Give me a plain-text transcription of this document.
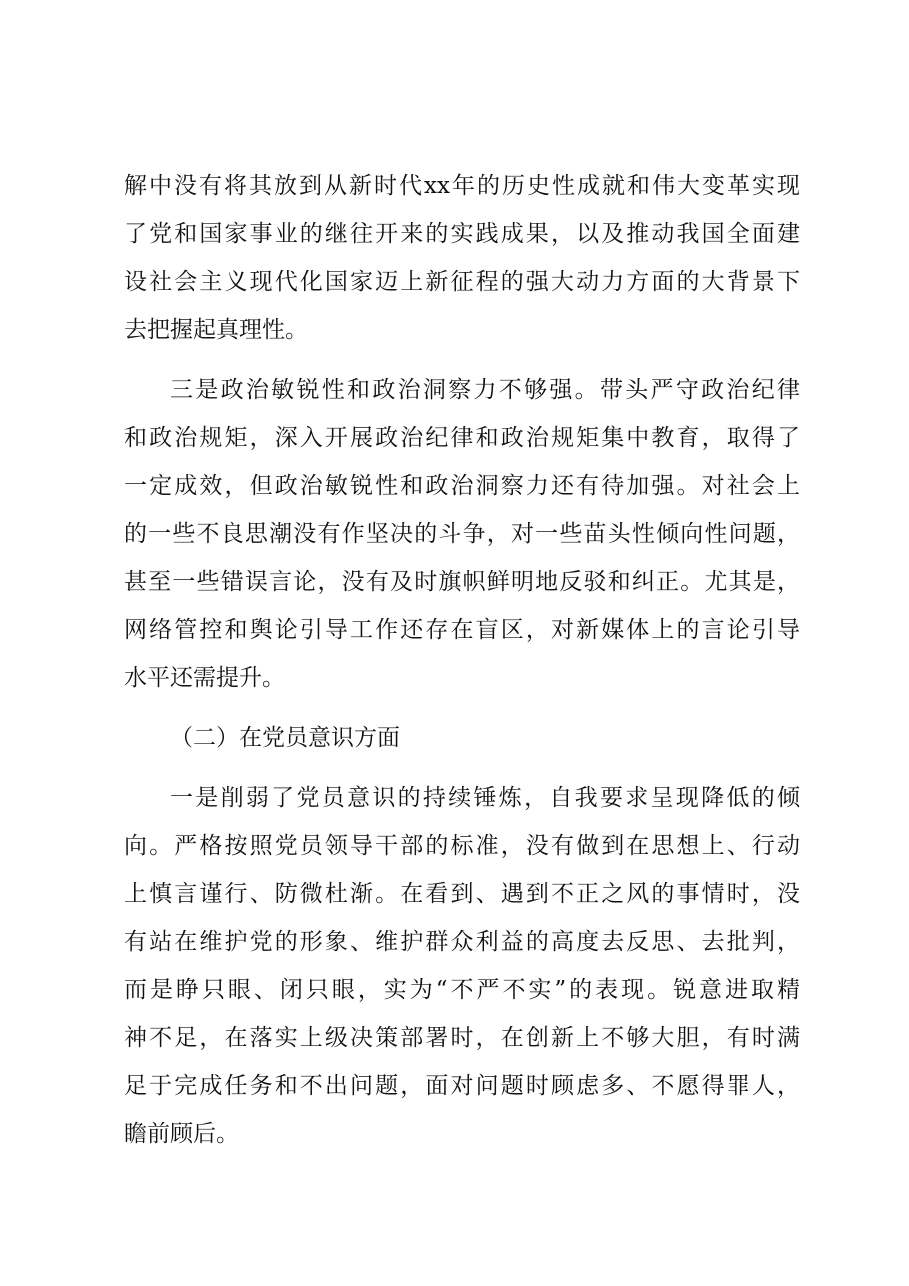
解中没有将其放到从新时代xx年的历史性成就和伟大变革实现
了党和国家事业的继往开来的实践成果，以及推动我国全面建
设社会主义现代化国家迈上新征程的强大动力方面的大背景下
去把握起真理性。
三是政治敏锐性和政治洞察力不够强。带头严守政治纪律
和政治规矩，深入开展政治纪律和政治规矩集中教育，取得了
一定成效，但政治敏锐性和政治洞察力还有待加强。对社会上
的一些不良思潮没有作坚决的斗争，对一些苗头性倾向性问题，
甚至一些错误言论，没有及时旗帜鲜明地反驳和纠正。尤其是，
网络管控和舆论引导工作还存在盲区，对新媒体上的言论引导
水平还需提升。
（二）在党员意识方面
一是削弱了党员意识的持续锤炼，自我要求呈现降低的倾
向。严格按照党员领导干部的标准，没有做到在思想上、行动
上慎言谨行、防微杜渐。在看到、遇到不正之风的事情时，没
有站在维护党的形象、维护群众利益的高度去反思、去批判，
而是睁只眼、闭只眼，实为“不严不实”的表现。锐意进取精
神不足，在落实上级决策部署时，在创新上不够大胆，有时满
足于完成任务和不出问题，面对问题时顾虑多、不愿得罪人，
瞻前顾后。
